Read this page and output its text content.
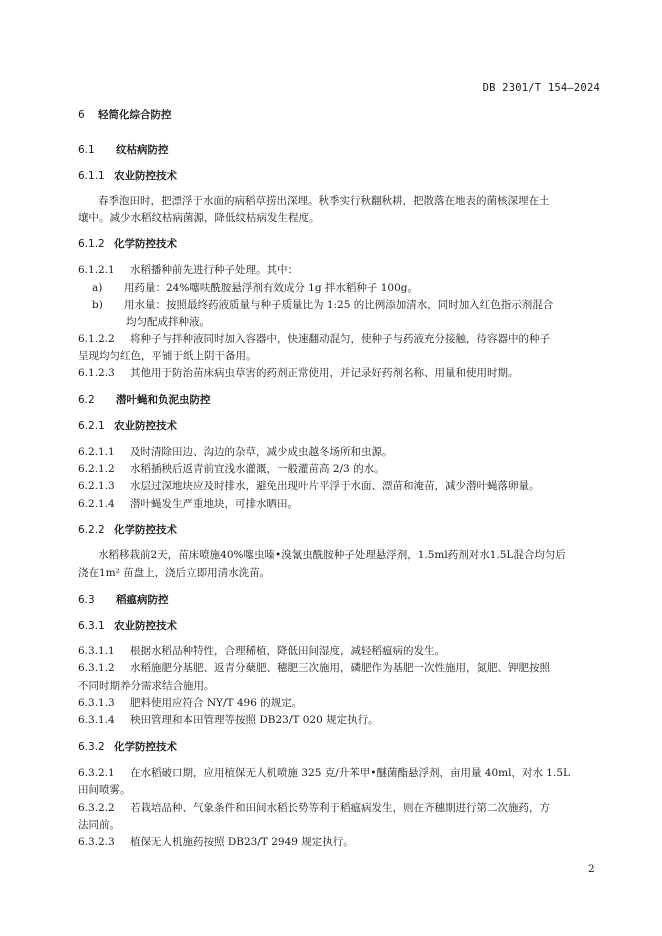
DB 2301/T 154—2024
6 轻简化综合防控
6.1 纹枯病防控
6.1.1 农业防控技术
春季泡田时，把漂浮于水面的病稻草捞出深埋。秋季实行秋翻秋耕，把散落在地表的菌核深埋在土
壤中。减少水稻纹枯病菌源，降低纹枯病发生程度。
6.1.2 化学防控技术
6.1.2.1 水稻播种前先进行种子处理。其中：
a) 用药量：24%噻呋酰胺悬浮剂有效成分 1g 拌水稻种子 100g。
b) 用水量：按照最终药液质量与种子质量比为 1:25 的比例添加清水，同时加入红色指示剂混合
均匀配成拌种液。
6.1.2.2 将种子与拌种液同时加入容器中，快速翻动混匀，使种子与药液充分接触，待容器中的种子
呈现均匀红色，平铺于纸上阴干备用。
6.1.2.3 其他用于防治苗床病虫草害的药剂正常使用，并记录好药剂名称、用量和使用时期。
6.2 潜叶蝇和负泥虫防控
6.2.1 农业防控技术
6.2.1.1 及时清除田边、沟边的杂草，减少成虫越冬场所和虫源。
6.2.1.2 水稻插秧后返青前宜浅水灌溉，一般灌苗高 2/3 的水。
6.2.1.3 水层过深地块应及时排水，避免出现叶片平浮于水面、漂苗和淹苗，减少潜叶蝇落卵量。
6.2.1.4 潜叶蝇发生严重地块，可排水晒田。
6.2.2 化学防控技术
水稻移栽前2天，苗床喷施40%噻虫嗪•溴氰虫酰胺种子处理悬浮剂，1.5ml药剂对水1.5L混合均匀后
浇在1m² 苗盘上，浇后立即用清水洗苗。
6.3 稻瘟病防控
6.3.1 农业防控技术
6.3.1.1 根据水稻品种特性，合理稀植，降低田间湿度，减轻稻瘟病的发生。
6.3.1.2 水稻施肥分基肥、返青分蘖肥、穗肥三次施用，磷肥作为基肥一次性施用，氮肥、钾肥按照
不同时期养分需求结合施用。
6.3.1.3 肥料使用应符合 NY/T 496 的规定。
6.3.1.4 秧田管理和本田管理等按照 DB23/T 020 规定执行。
6.3.2 化学防控技术
6.3.2.1 在水稻破口期，应用植保无人机喷施 325 克/升苯甲•醚菌酯悬浮剂，亩用量 40ml，对水 1.5L
田间喷雾。
6.3.2.2 若栽培品种、气象条件和田间水稻长势等利于稻瘟病发生，则在齐穗期进行第二次施药，方
法同前。
6.3.2.3 植保无人机施药按照 DB23/T 2949 规定执行。
2
